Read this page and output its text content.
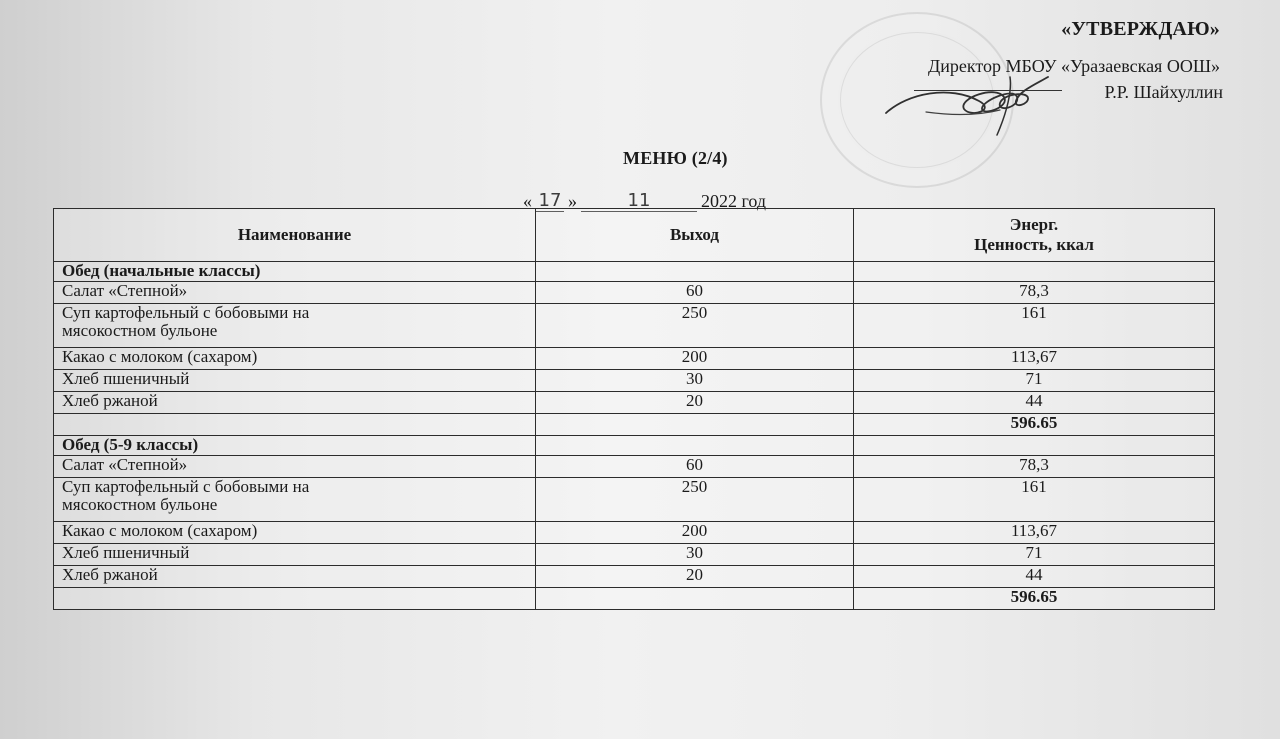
«УТВЕРЖДАЮ»
Директор МБОУ «Уразаевская ООШ»
Р.Р. Шайхуллин
МЕНЮ (2/4)
« 17 »	11	2022 год
Наименование	Выход	Энерг.
Ценность, ккал

Обед (начальные классы)		
Салат «Степной»	60	78,3

Суп картофельный с бобовыми на
мясокостном бульоне	250	161
Какао с молоком (сахаром)	200	113,67
Хлеб пшеничный	30	71
Хлеб ржаной	20	44
		596.65
Обед (5-9 классы)		
Салат «Степной»	60	78,3

Суп картофельный с бобовыми на
мясокостном бульоне	250	161
Какао с молоком (сахаром)	200	113,67
Хлеб пшеничный	30	71
Хлеб ржаной	20	44
		596.65
